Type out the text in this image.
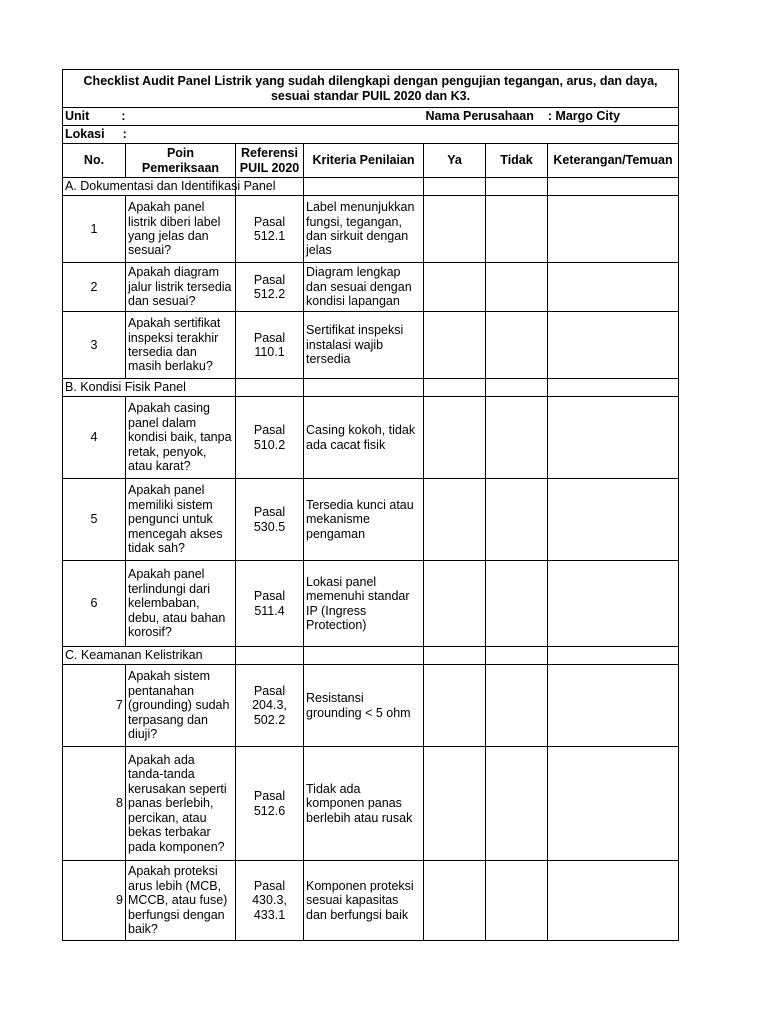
Checklist Audit Panel Listrik yang sudah dilengkapi dengan pengujian tegangan, arus, dan daya,
sesuai standar PUIL 2020 dan K3.						
Unit :				Nama Perusahaan : Margo City		
Lokasi :						

No.	Poin Pemeriksaan	Referensi PUIL 2020	Kriteria Penilaian	Ya	Tidak	Keterangan/Temuan
A. Dokumentasi dan Identifikasi Panel						
1	Apakah panel listrik diberi label yang jelas dan sesuai?	Pasal 512.1	Label menunjukkan fungsi, tegangan, dan sirkuit dengan jelas			
2	Apakah diagram jalur listrik tersedia dan sesuai?	Pasal 512.2	Diagram lengkap dan sesuai dengan kondisi lapangan			
3	Apakah sertifikat inspeksi terakhir tersedia dan masih berlaku?	Pasal 110.1	Sertifikat inspeksi instalasi wajib tersedia			
B. Kondisi Fisik Panel						
4	Apakah casing panel dalam kondisi baik, tanpa retak, penyok, atau karat?	Pasal 510.2	Casing kokoh, tidak ada cacat fisik			
5	Apakah panel memiliki sistem pengunci untuk mencegah akses tidak sah?	Pasal 530.5	Tersedia kunci atau mekanisme pengaman			
6	Apakah panel terlindungi dari kelembaban, debu, atau bahan korosif?	Pasal 511.4	Lokasi panel memenuhi standar IP (Ingress Protection)			
C. Keamanan Kelistrikan						
7	Apakah sistem pentanahan (grounding) sudah terpasang dan diuji?	Pasal 204.3, 502.2	Resistansi grounding < 5 ohm			
8	Apakah ada tanda-tanda kerusakan seperti panas berlebih, percikan, atau bekas terbakar pada komponen?	Pasal 512.6	Tidak ada komponen panas berlebih atau rusak			
9	Apakah proteksi arus lebih (MCB, MCCB, atau fuse) berfungsi dengan baik?	Pasal 430.3, 433.1	Komponen proteksi sesuai kapasitas dan berfungsi baik			
